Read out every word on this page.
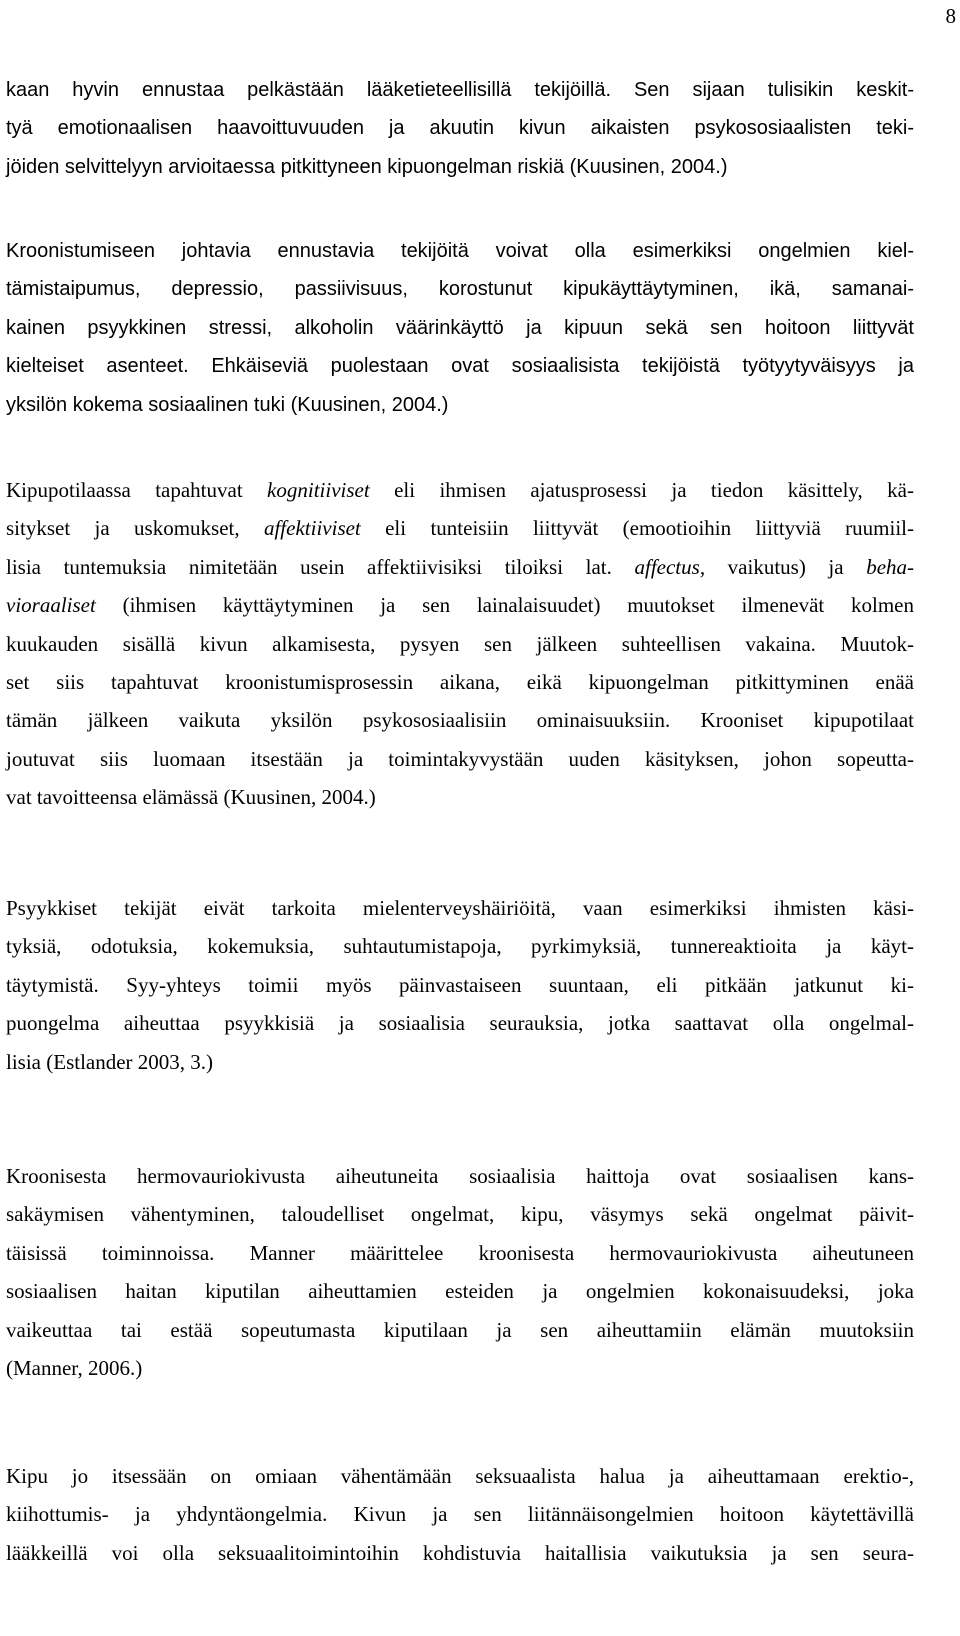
8
kaan hyvin ennustaa pelkästään lääketieteellisillä tekijöillä. Sen sijaan tulisikin keskit-
tyä emotionaalisen haavoittuvuuden ja akuutin kivun aikaisten psykososiaalisten teki-
jöiden selvittelyyn arvioitaessa pitkittyneen kipuongelman riskiä (Kuusinen, 2004.)
Kroonistumiseen johtavia ennustavia tekijöitä voivat olla esimerkiksi ongelmien kiel-
tämistaipumus, depressio, passiivisuus, korostunut kipukäyttäytyminen, ikä, samanai-
kainen psyykkinen stressi, alkoholin väärinkäyttö ja kipuun sekä sen hoitoon liittyvät
kielteiset asenteet. Ehkäiseviä puolestaan ovat sosiaalisista tekijöistä työtyytyväisyys ja
yksilön kokema sosiaalinen tuki (Kuusinen, 2004.)
Kipupotilaassa tapahtuvat kognitiiviset eli ihmisen ajatusprosessi ja tiedon käsittely, kä-
sitykset ja uskomukset, affektiiviset eli tunteisiin liittyvät (emootioihin liittyviä ruumiil-
lisia tuntemuksia nimitetään usein affektiivisiksi tiloiksi lat. affectus, vaikutus) ja beha-
vioraaliset (ihmisen käyttäytyminen ja sen lainalaisuudet) muutokset ilmenevät kolmen
kuukauden sisällä kivun alkamisesta, pysyen sen jälkeen suhteellisen vakaina. Muutok-
set siis tapahtuvat kroonistumisprosessin aikana, eikä kipuongelman pitkittyminen enää
tämän jälkeen vaikuta yksilön psykososiaalisiin ominaisuuksiin. Krooniset kipupotilaat
joutuvat siis luomaan itsestään ja toimintakyvystään uuden käsityksen, johon sopeutta-
vat tavoitteensa elämässä (Kuusinen, 2004.)
Psyykkiset tekijät eivät tarkoita mielenterveyshäiriöitä, vaan esimerkiksi ihmisten käsi-
tyksiä, odotuksia, kokemuksia, suhtautumistapoja, pyrkimyksiä, tunnereaktioita ja käyt-
täytymistä. Syy-yhteys toimii myös päinvastaiseen suuntaan, eli pitkään jatkunut ki-
puongelma aiheuttaa psyykkisiä ja sosiaalisia seurauksia, jotka saattavat olla ongelmal-
lisia (Estlander 2003, 3.)
Kroonisesta hermovauriokivusta aiheutuneita sosiaalisia haittoja ovat sosiaalisen kans-
sakäymisen vähentyminen, taloudelliset ongelmat, kipu, väsymys sekä ongelmat päivit-
täisissä toiminnoissa. Manner määrittelee kroonisesta hermovauriokivusta aiheutuneen
sosiaalisen haitan kiputilan aiheuttamien esteiden ja ongelmien kokonaisuudeksi, joka
vaikeuttaa tai estää sopeutumasta kiputilaan ja sen aiheuttamiin elämän muutoksiin
(Manner, 2006.)
Kipu jo itsessään on omiaan vähentämään seksuaalista halua ja aiheuttamaan erektio-,
kiihottumis- ja yhdyntäongelmia. Kivun ja sen liitännäisongelmien hoitoon käytettävillä
lääkkeillä voi olla seksuaalitoimintoihin kohdistuvia haitallisia vaikutuksia ja sen seura-
